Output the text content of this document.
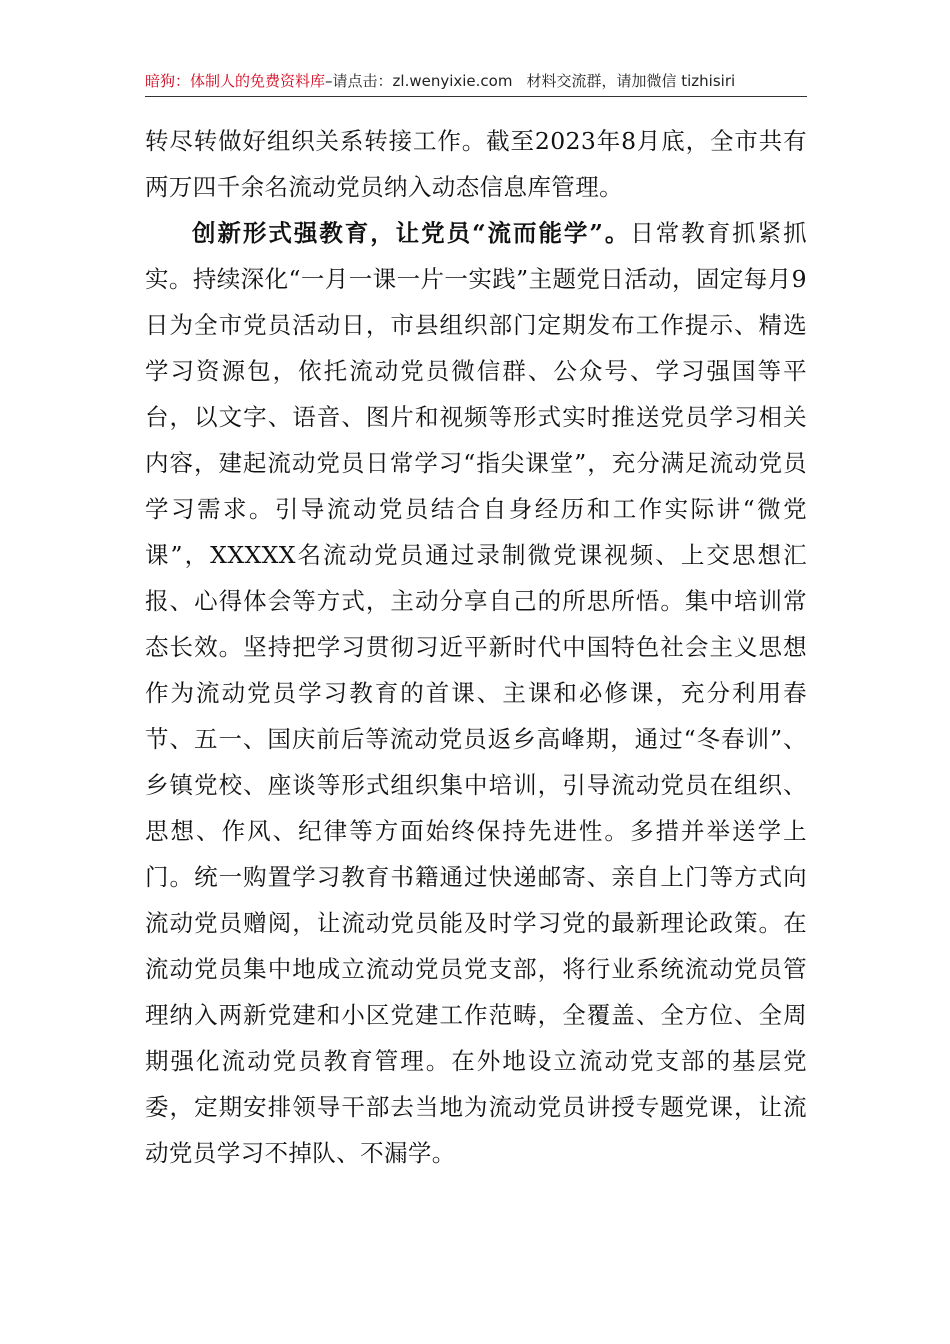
暗狗：体制人的免费资料库–请点击：zl.wenyixie.com 材料交流群，请加微信 tizhisiri

转尽转做好组织关系转接工作。截至2023年8月底，全市共有两万四千余名流动党员纳入动态信息库管理。

创新形式强教育，让党员“流而能学”。日常教育抓紧抓实。持续深化“一月一课一片一实践”主题党日活动，固定每月9日为全市党员活动日，市县组织部门定期发布工作提示、精选学习资源包，依托流动党员微信群、公众号、学习强国等平台，以文字、语音、图片和视频等形式实时推送党员学习相关内容，建起流动党员日常学习“指尖课堂”，充分满足流动党员学习需求。引导流动党员结合自身经历和工作实际讲“微党课”，XXXXX名流动党员通过录制微党课视频、上交思想汇报、心得体会等方式，主动分享自己的所思所悟。集中培训常态长效。坚持把学习贯彻习近平新时代中国特色社会主义思想作为流动党员学习教育的首课、主课和必修课，充分利用春节、五一、国庆前后等流动党员返乡高峰期，通过“冬春训”、乡镇党校、座谈等形式组织集中培训，引导流动党员在组织、思想、作风、纪律等方面始终保持先进性。多措并举送学上门。统一购置学习教育书籍通过快递邮寄、亲自上门等方式向流动党员赠阅，让流动党员能及时学习党的最新理论政策。在流动党员集中地成立流动党员党支部，将行业系统流动党员管理纳入两新党建和小区党建工作范畴，全覆盖、全方位、全周期强化流动党员教育管理。在外地设立流动党支部的基层党委，定期安排领导干部去当地为流动党员讲授专题党课，让流动党员学习不掉队、不漏学。
